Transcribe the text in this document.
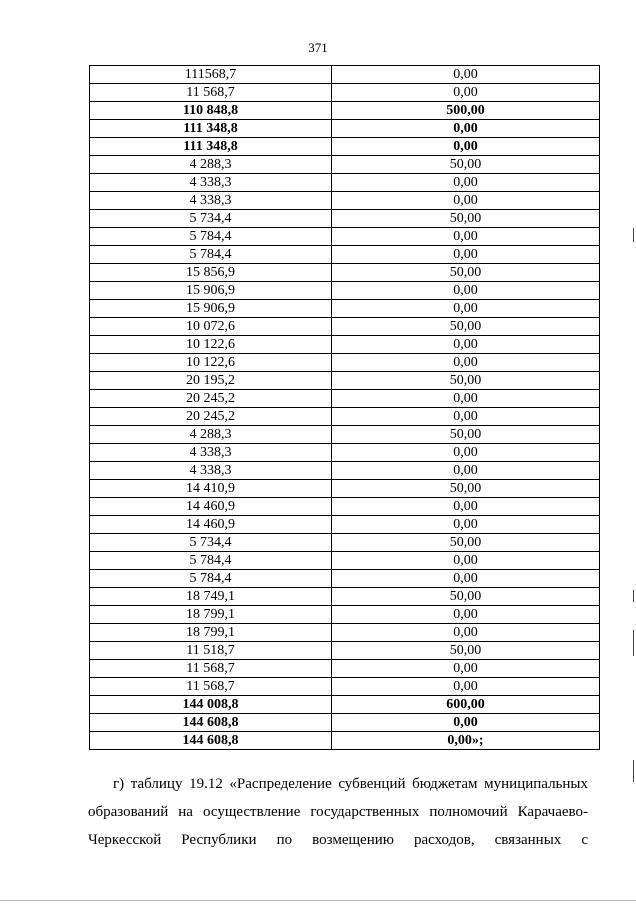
371
111568,7	0,00
11 568,7	0,00
110 848,8	500,00
111 348,8	0,00
111 348,8	0,00
4 288,3	50,00
4 338,3	0,00
4 338,3	0,00
5 734,4	50,00
5 784,4	0,00
5 784,4	0,00
15 856,9	50,00
15 906,9	0,00
15 906,9	0,00
10 072,6	50,00
10 122,6	0,00
10 122,6	0,00
20 195,2	50,00
20 245,2	0,00
20 245,2	0,00
4 288,3	50,00
4 338,3	0,00
4 338,3	0,00
14 410,9	50,00
14 460,9	0,00
14 460,9	0,00
5 734,4	50,00
5 784,4	0,00
5 784,4	0,00
18 749,1	50,00
18 799,1	0,00
18 799,1	0,00
11 518,7	50,00
11 568,7	0,00
11 568,7	0,00
144 008,8	600,00
144 608,8	0,00
144 608,8	0,00»;
г) таблицу 19.12 «Распределение субвенций бюджетам муниципальных
образований на осуществление государственных полномочий Карачаево-
Черкесской Республики по возмещению расходов, связанных с
